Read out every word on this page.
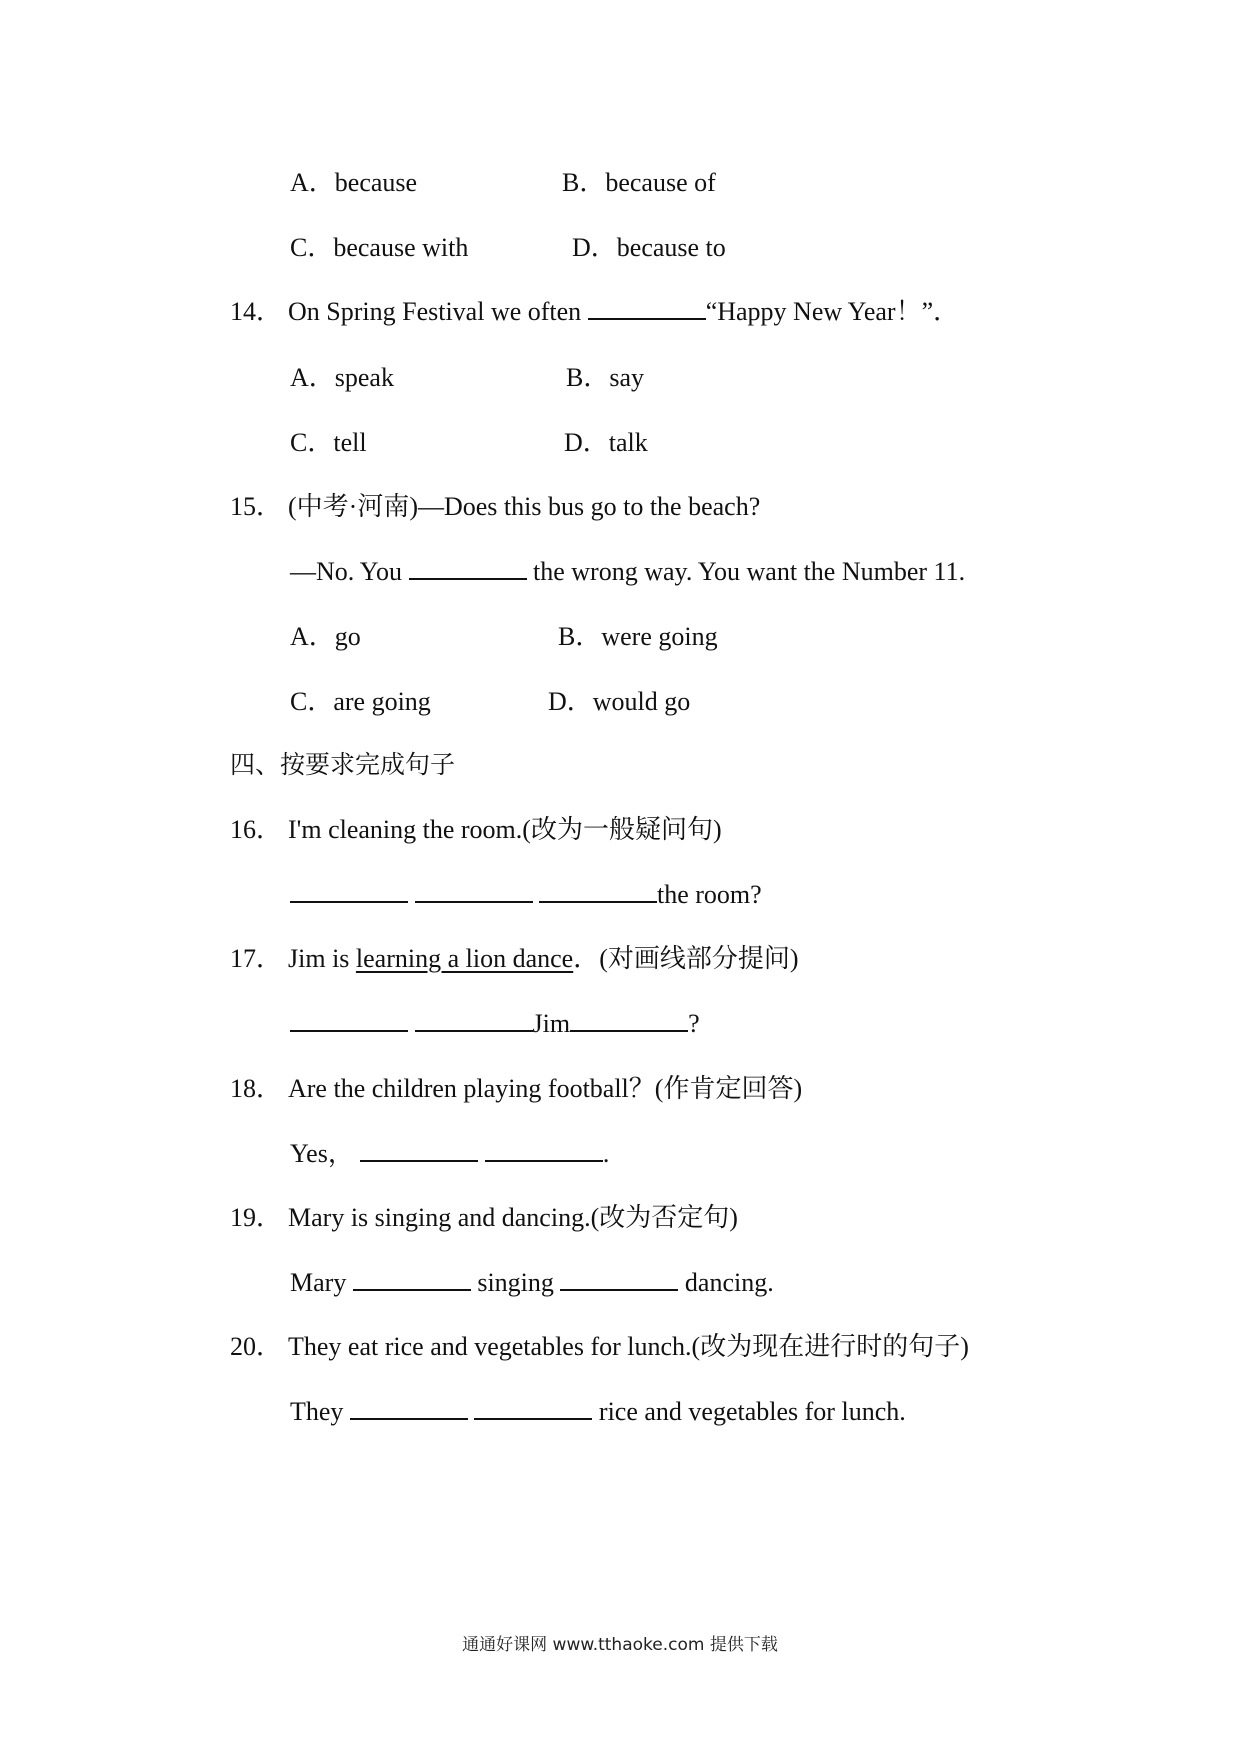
A．because	B．because of
C．because with	D．because to
14． On Spring Festival we often	“Happy New Year！”．
A．speak	B．say
C．tell	D．talk
15． (中考·河南)—Does this bus go to the beach?
—No. You	the wrong way. You want the Number 11.
A．go	B．were going
C．are going	D．would go
四、按要求完成句子
16． I'm cleaning the room.(改为一般疑问句)
the room?
17． Jim is learning a lion dance．(对画线部分提问)
Jim	?
18． Are the children playing football？(作肯定回答)
Yes，	.
19． Mary is singing and dancing.(改为否定句)
Mary	singing	dancing.
20． They eat rice and vegetables for lunch.(改为现在进行时的句子)
They	rice and vegetables for lunch.
通通好课网 www.tthaoke.com 提供下载
